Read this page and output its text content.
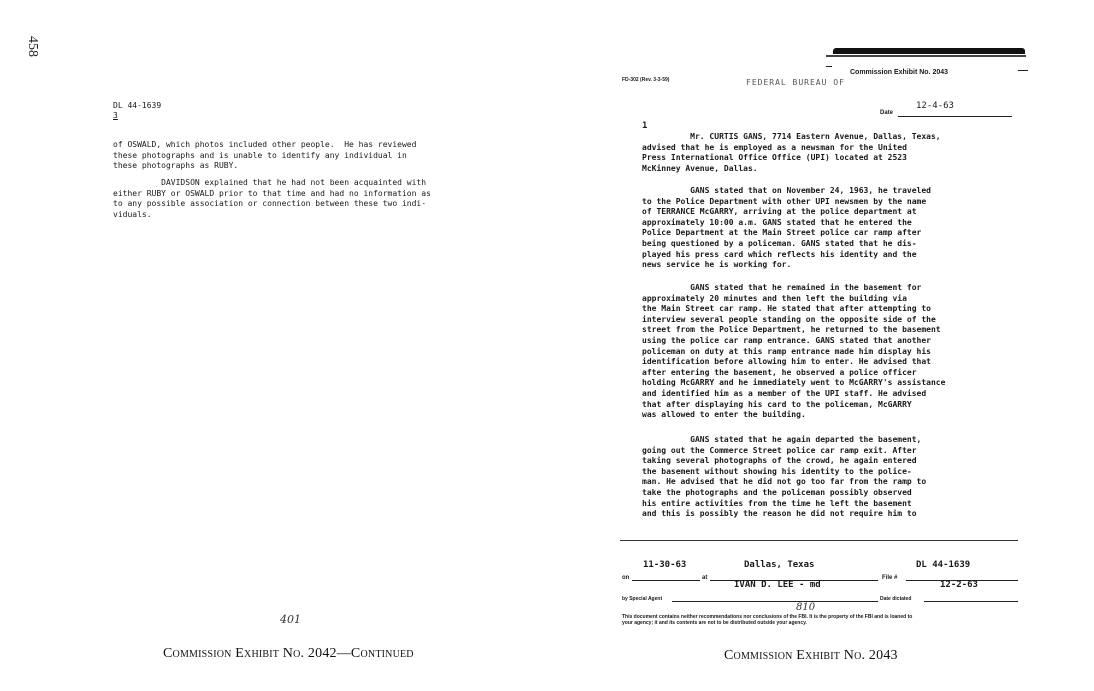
458
DL 44-1639
3
of OSWALD, which photos included other people.  He has reviewed
these photographs and is unable to identify any individual in
these photographs as RUBY.
DAVIDSON explained that he had not been acquainted with
either RUBY or OSWALD prior to that time and had no information as
to any possible association or connection between these two indi-
viduals.
401
Commission Exhibit No. 2042—Continued
FD-302 (Rev. 3-3-59)	FEDERAL BUREAU OF
Commission Exhibit No. 2043
12-4-63
Date
1
Mr. CURTIS GANS, 7714 Eastern Avenue, Dallas, Texas,
advised that he is employed as a newsman for the United
Press International Office Office (UPI) located at 2523
McKinney Avenue, Dallas.
GANS stated that on November 24, 1963, he traveled
to the Police Department with other UPI newsmen by the name
of TERRANCE McGARRY, arriving at the police department at
approximately 10:00 a.m. GANS stated that he entered the
Police Department at the Main Street police car ramp after
being questioned by a policeman. GANS stated that he dis-
played his press card which reflects his identity and the
news service he is working for.
GANS stated that he remained in the basement for
approximately 20 minutes and then left the building via
the Main Street car ramp. He stated that after attempting to
interview several people standing on the opposite side of the
street from the Police Department, he returned to the basement
using the police car ramp entrance. GANS stated that another
policeman on duty at this ramp entrance made him display his
identification before allowing him to enter. He advised that
after entering the basement, he observed a police officer
holding McGARRY and he immediately went to McGARRY's assistance
and identified him as a member of the UPI staff. He advised
that after displaying his card to the policeman, McGARRY
was allowed to enter the building.
GANS stated that he again departed the basement,
going out the Commerce Street police car ramp exit. After
taking several photographs of the crowd, he again entered
the basement without showing his identity to the police-
man. He advised that he did not go too far from the ramp to
take the photographs and the policeman possibly observed
his entire activities from the time he left the basement
and this is possibly the reason he did not require him to
on
11-30-63
at
Dallas, Texas
File #
DL 44-1639
IVAN D. LEE - md
by Special Agent	Date dictated
12-2-63
810
This document contains neither recommendations nor conclusions of the FBI. It is the property of the FBI and is loaned to
your agency; it and its contents are not to be distributed outside your agency.
Commission Exhibit No. 2043
